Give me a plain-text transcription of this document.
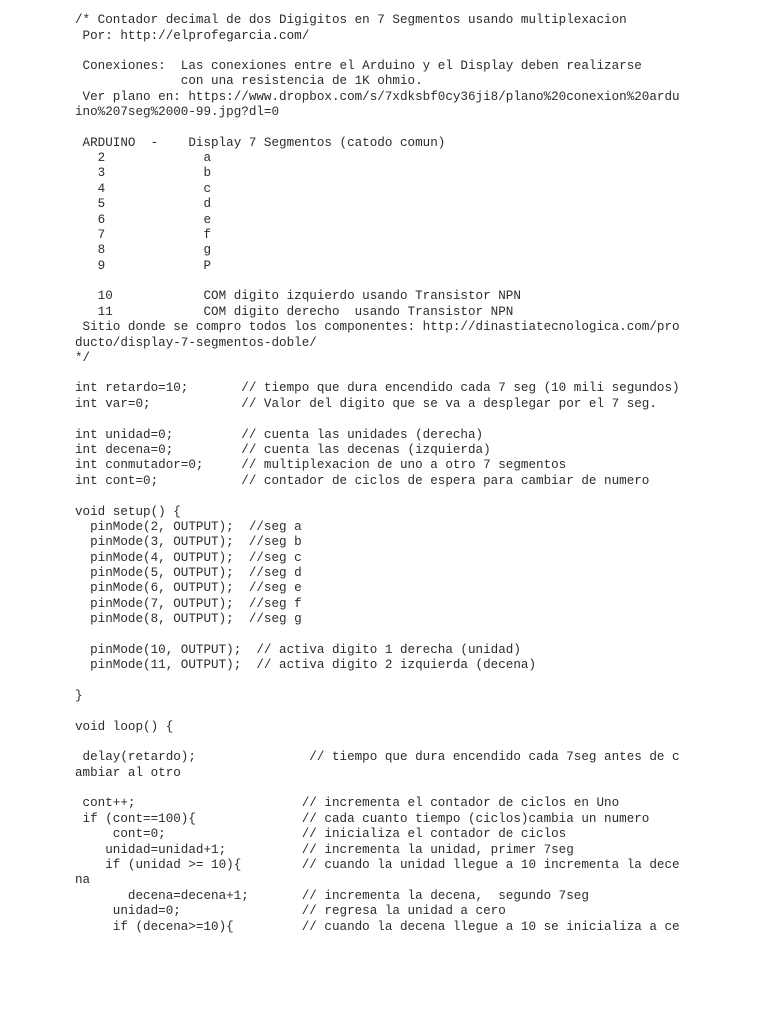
/* Contador decimal de dos Digigitos en 7 Segmentos usando multiplexacion
Por: http://elprofegarcia.com/
Conexiones:  Las conexiones entre el Arduino y el Display deben realizarse
con una resistencia de 1K ohmio.
Ver plano en: https://www.dropbox.com/s/7xdksbf0cy36ji8/plano%20conexion%20ardu
ino%207seg%2000-99.jpg?dl=0
ARDUINO  -    Display 7 Segmentos (catodo comun)
2             a
3             b
4             c
5             d
6             e
7             f
8             g
9             P
10            COM digito izquierdo usando Transistor NPN
11            COM digito derecho  usando Transistor NPN
Sitio donde se compro todos los componentes: http://dinastiatecnologica.com/pro
ducto/display-7-segmentos-doble/
*/
int retardo=10;       // tiempo que dura encendido cada 7 seg (10 mili segundos)
int var=0;            // Valor del digito que se va a desplegar por el 7 seg.
int unidad=0;         // cuenta las unidades (derecha)
int decena=0;         // cuenta las decenas (izquierda)
int conmutador=0;     // multiplexacion de uno a otro 7 segmentos
int cont=0;           // contador de ciclos de espera para cambiar de numero
void setup() {
pinMode(2, OUTPUT);  //seg a
pinMode(3, OUTPUT);  //seg b
pinMode(4, OUTPUT);  //seg c
pinMode(5, OUTPUT);  //seg d
pinMode(6, OUTPUT);  //seg e
pinMode(7, OUTPUT);  //seg f
pinMode(8, OUTPUT);  //seg g
pinMode(10, OUTPUT);  // activa digito 1 derecha (unidad)
pinMode(11, OUTPUT);  // activa digito 2 izquierda (decena)
}
void loop() {
delay(retardo);               // tiempo que dura encendido cada 7seg antes de c
ambiar al otro
cont++;                      // incrementa el contador de ciclos en Uno
if (cont==100){              // cada cuanto tiempo (ciclos)cambia un numero
cont=0;                  // inicializa el contador de ciclos
unidad=unidad+1;          // incrementa la unidad, primer 7seg
if (unidad >= 10){        // cuando la unidad llegue a 10 incrementa la dece
na
decena=decena+1;       // incrementa la decena,  segundo 7seg
unidad=0;                // regresa la unidad a cero
if (decena>=10){         // cuando la decena llegue a 10 se inicializa a ce
